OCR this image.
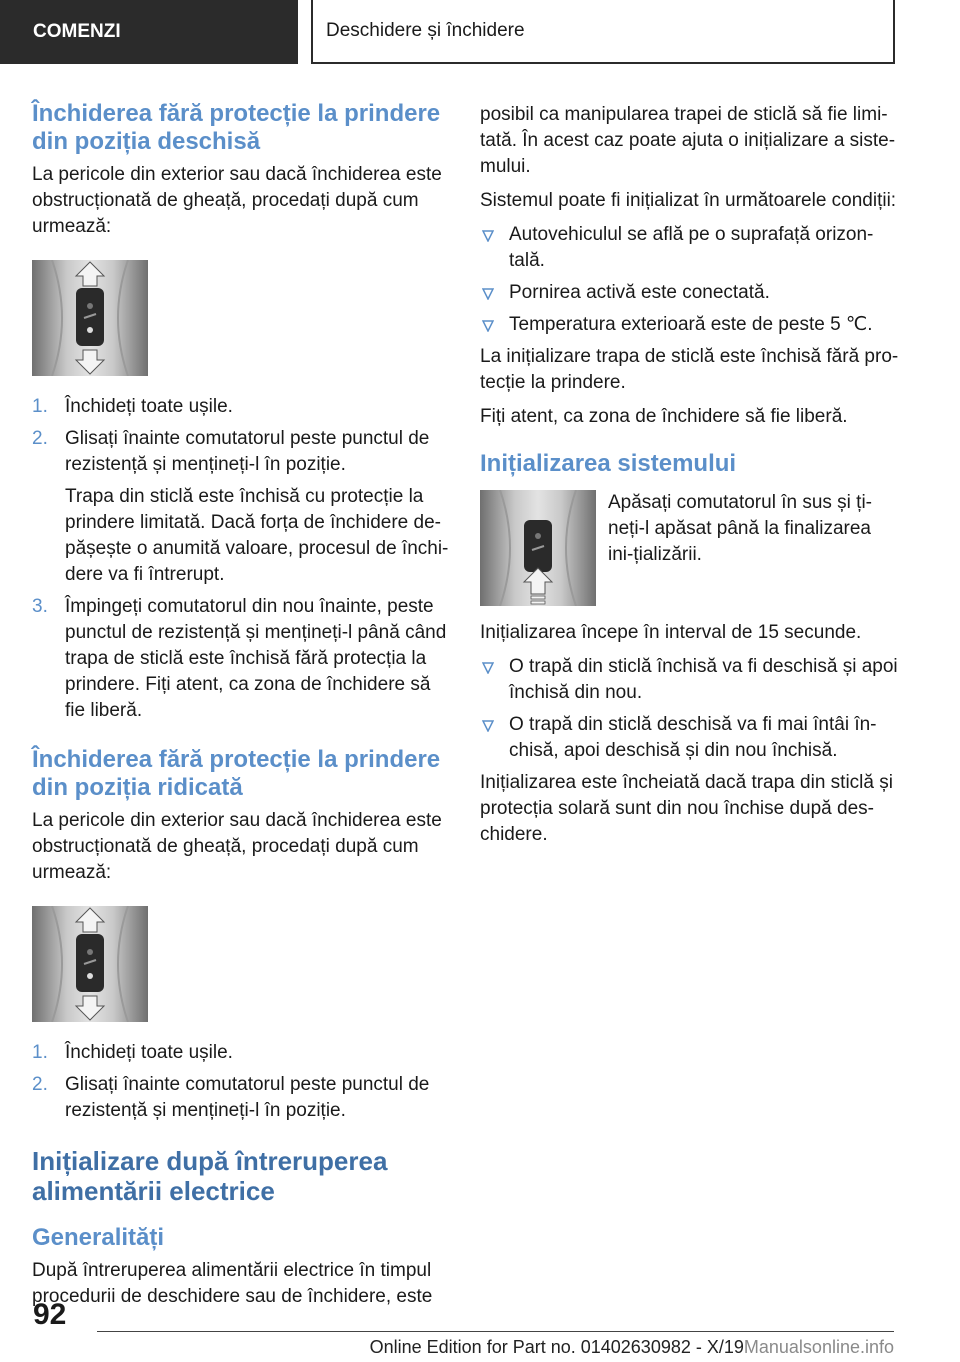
COMENZI	Deschidere și închidere
Închiderea fără protecție la prindere din poziția deschisă

La pericole din exterior sau dacă închiderea este obstrucționată de gheață, procedați după cum urmează:

1. Închideți toate ușile.
2. Glisați înainte comutatorul peste punctul de rezistență și mențineți-l în poziție.
Trapa din sticlă este închisă cu protecție la prindere limitată. Dacă forța de închidere de-pășește o anumită valoare, procesul de închi-dere va fi întrerupt.
3. Împingeți comutatorul din nou înainte, peste punctul de rezistență și mențineți-l până când trapa de sticlă este închisă fără protecția la prindere. Fiți atent, ca zona de închidere să fie liberă.
Închiderea fără protecție la prindere din poziția ridicată

La pericole din exterior sau dacă închiderea este obstrucționată de gheață, procedați după cum urmează:

1. Închideți toate ușile.
2. Glisați înainte comutatorul peste punctul de rezistență și mențineți-l în poziție.
Inițializare după întreruperea alimentării electrice
Generalități

După întreruperea alimentării electrice în timpul procedurii de deschidere sau de închidere, este

posibil ca manipularea trapei de sticlă să fie limi-tată. În acest caz poate ajuta o inițializare a siste-mului.

Sistemul poate fi inițializat în următoarele condiții:

Autovehiculul se află pe o suprafață orizon-tală.
Pornirea activă este conectată.
Temperatura exterioară este de peste 5 ℃.

La inițializare trapa de sticlă este închisă fără pro-tecție la prindere.

Fiți atent, ca zona de închidere să fie liberă.

Inițializarea sistemului

Apăsați comutatorul în sus și ți-neți-l apăsat până la finalizarea ini-țializării.

Inițializarea începe în interval de 15 secunde.

O trapă din sticlă închisă va fi deschisă și apoi închisă din nou.
O trapă din sticlă deschisă va fi mai întâi în-chisă, apoi deschisă și din nou închisă.

Inițializarea este încheiată dacă trapa din sticlă și protecția solară sunt din nou închise după des-chidere.

92
Online Edition for Part no. 01402630982 - X/19Manualsonline.info
